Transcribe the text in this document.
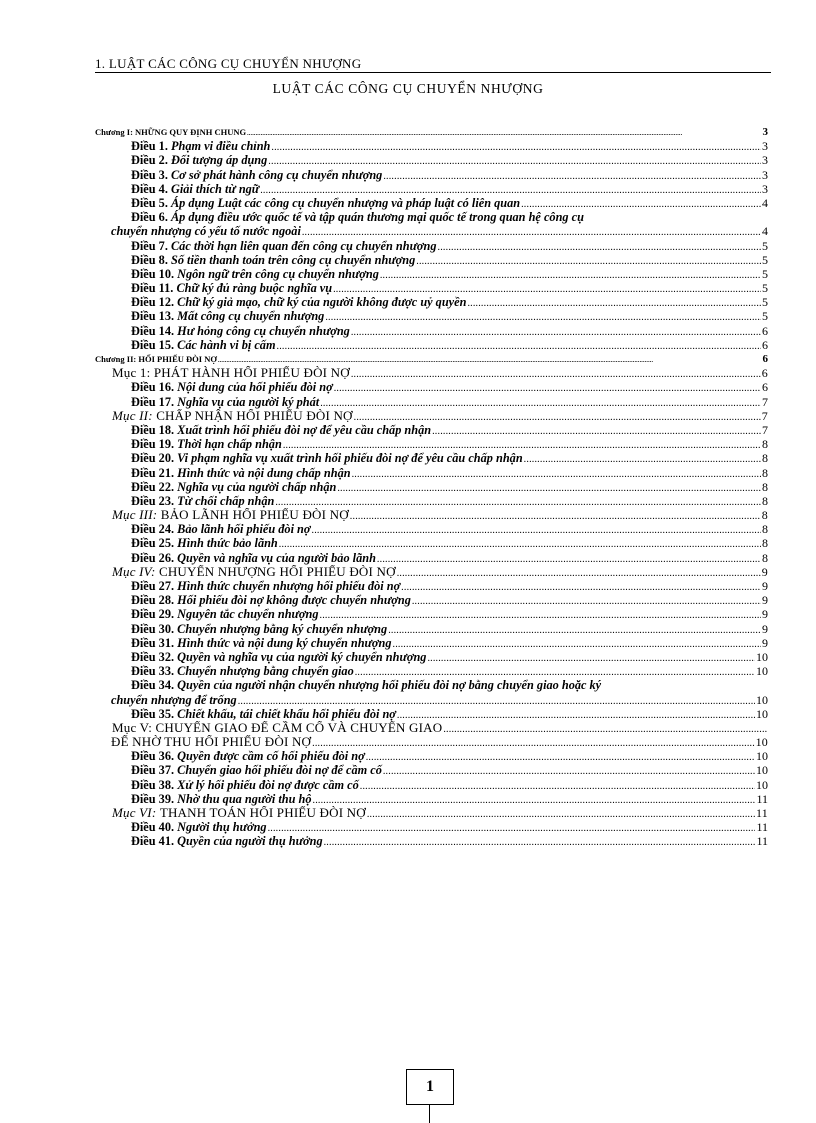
1. LUẬT CÁC CÔNG CỤ CHUYỂN NHƯỢNG
LUẬT CÁC CÔNG CỤ CHUYỂN NHƯỢNG
Chương I: NHỮNG QUY ĐỊNH CHUNG .....	3
Điều 1. Phạm vi điều chỉnh .....	3
Điều 2. Đối tượng áp dụng .....	3
Điều 3. Cơ sở phát hành công cụ chuyển nhượng .....	3
Điều 4. Giải thích từ ngữ .....	3
Điều 5. Áp dụng Luật các công cụ chuyển nhượng và pháp luật có liên quan .....	4
Điều 6. Áp dụng điều ước quốc tế và tập quán thương mại quốc tế trong quan hệ công cụ
chuyển nhượng có yếu tố nước ngoài .....	4
Điều 7. Các thời hạn liên quan đến công cụ chuyển nhượng .....	5
Điều 8. Số tiền thanh toán trên công cụ chuyển nhượng .....	5
Điều 10. Ngôn ngữ trên công cụ chuyển nhượng .....	5
Điều 11. Chữ ký đủ ràng buộc nghĩa vụ .....	5
Điều 12. Chữ ký giả mạo, chữ ký của người không được uỷ quyền .....	5
Điều 13. Mất công cụ chuyển nhượng .....	5
Điều 14. Hư hỏng công cụ chuyển nhượng .....	6
Điều 15. Các hành vi bị cấm .....	6
Chương II: HỐI PHIẾU ĐÒI NỢ .....	6
Mục 1: PHÁT HÀNH HỐI PHIẾU ĐÒI NỢ .....	6
Điều 16. Nội dung của hối phiếu đòi nợ .....	6
Điều 17. Nghĩa vụ của người ký phát .....	7
Mục II: CHẤP NHẬN HỐI PHIẾU ĐÒI NỢ .....	7
Điều 18. Xuất trình hối phiếu đòi nợ để yêu cầu chấp nhận .....	7
Điều 19. Thời hạn chấp nhận .....	8
Điều 20. Vi phạm nghĩa vụ xuất trình hối phiếu đòi nợ để yêu cầu chấp nhận .....	8
Điều 21. Hình thức và nội dung chấp nhận .....	8
Điều 22. Nghĩa vụ của người chấp nhận .....	8
Điều 23. Từ chối chấp nhận .....	8
Mục III: BẢO LÃNH HỐI PHIẾU ĐÒI NỢ .....	8
Điều 24. Bảo lãnh hối phiếu đòi nợ .....	8
Điều 25. Hình thức bảo lãnh .....	8
Điều 26. Quyền và nghĩa vụ của người bảo lãnh .....	8
Mục IV: CHUYỂN NHƯỢNG HỐI PHIẾU ĐÒI NỢ .....	9
Điều 27. Hình thức chuyển nhượng hối phiếu đòi nợ .....	9
Điều 28. Hối phiếu đòi nợ không được chuyển nhượng .....	9
Điều 29. Nguyên tắc chuyển nhượng .....	9
Điều 30. Chuyển nhượng bằng ký chuyển nhượng .....	9
Điều 31. Hình thức và nội dung ký chuyển nhượng .....	9
Điều 32. Quyền và nghĩa vụ của người ký chuyển nhượng .....	10
Điều 33. Chuyển nhượng bằng chuyển giao .....	10
Điều 34. Quyền của người nhận chuyển nhượng hối phiếu đòi nợ bằng chuyển giao hoặc ký
chuyển nhượng để trống .....	10
Điều 35. Chiết khấu, tái chiết khấu hối phiếu đòi nợ .....	10
Mục V: CHUYỂN GIAO ĐỂ CẦM CỐ VÀ CHUYỂN GIAO
.....
ĐỂ NHỜ THU HỐI PHIẾU ĐÒI NỢ .....	10
Điều 36. Quyền được cầm cố hối phiếu đòi nợ .....	10
Điều 37. Chuyển giao hối phiếu đòi nợ để cầm cố .....	10
Điều 38. Xử lý hối phiếu đòi nợ được cầm cố .....	10
Điều 39. Nhờ thu qua người thu hộ .....	11
Mục VI: THANH TOÁN HỐI PHIẾU ĐÒI NỢ .....	11
Điều 40. Người thụ hưởng .....	11
Điều 41. Quyền của người thụ hưởng .....	11
1
